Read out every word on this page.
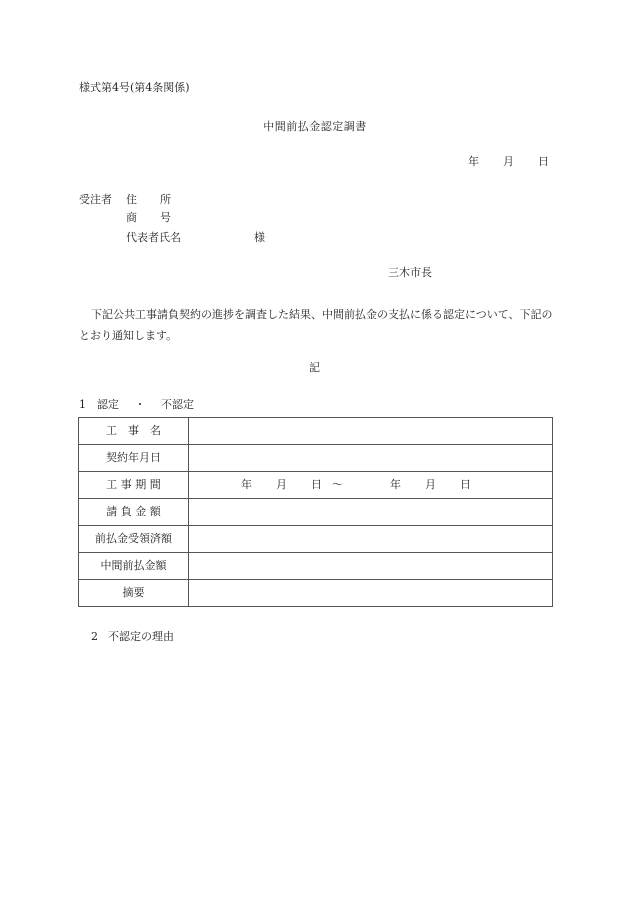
様式第4号(第4条関係)
中間前払金認定調書
年 月 日
受注者 住 所
商 号
代表者氏名	様
三木市長
下記公共工事請負契約の進捗を調査した結果、中間前払金の支払に係る認定について、下記のとおり通知します。
記
1 認定 ・ 不認定
工　事　名	
契約年月日	
工 事 期 間	年 月 日 ～ 年 月 日

請 負 金 額	
前払金受領済額	
中間前払金額	
摘要	
2 不認定の理由
